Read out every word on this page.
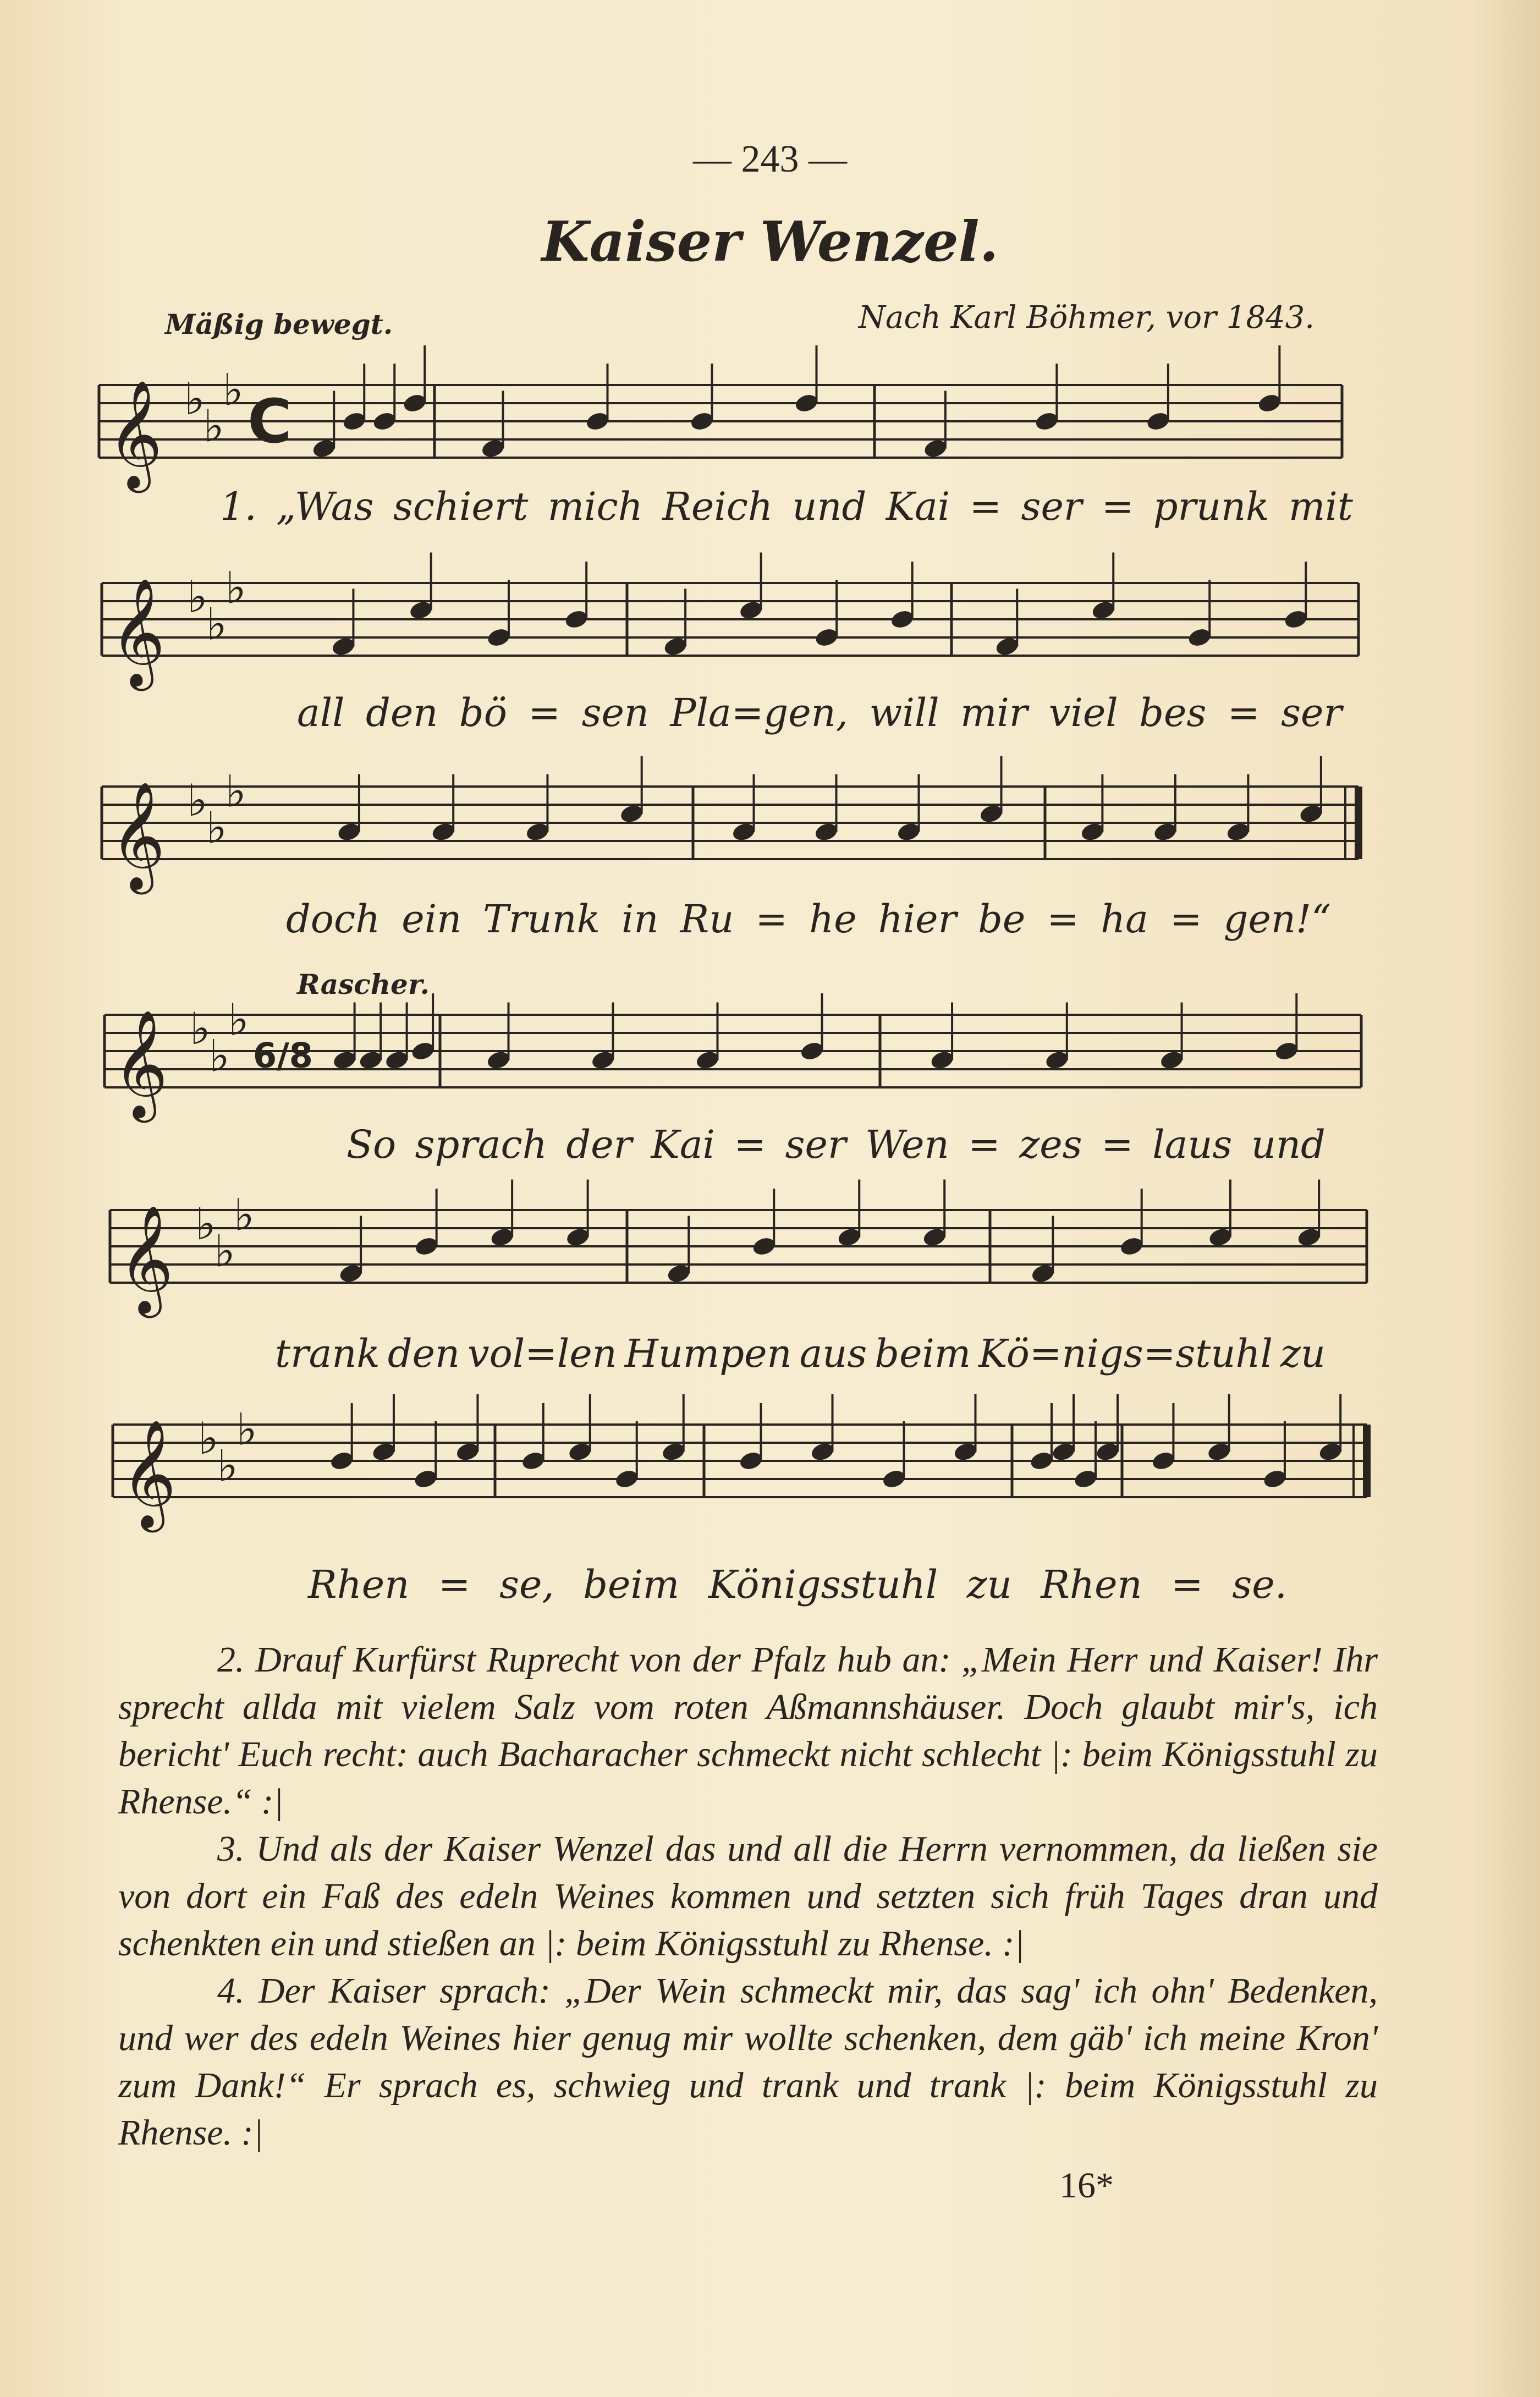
— 243 —
Kaiser Wenzel.
Mäßig bewegt.	Nach Karl Böhmer, vor 1843.
Rascher.
𝄞 ♭
♭
♭ C
𝄞 ♭
♭
♭
𝄞 ♭
♭
♭
𝄞 ♭
♭
♭
6/8
𝄞 ♭
♭
♭
𝄞 ♭
♭
♭
1. „Was schiert mich Reich und Kai = ser = prunk mit
all den bö = sen Pla=gen, will mir viel bes = ser
doch ein Trunk in Ru = he hier be = ha = gen!“
So sprach der Kai = ser Wen = zes = laus und
trank den vol=len Humpen aus beim Kö=nigs=stuhl zu
Rhen = se, beim Königsstuhl zu Rhen = se.

2. Drauf Kurfürst Ruprecht von der Pfalz hub an: „Mein Herr und Kaiser! Ihr sprecht allda mit vielem Salz vom roten Aßmannshäuser. Doch glaubt mir's, ich bericht' Euch recht: auch Bacharacher schmeckt nicht schlecht |: beim Königsstuhl zu Rhense.“ :|

3. Und als der Kaiser Wenzel das und all die Herrn vernommen, da ließen sie von dort ein Faß des edeln Weines kommen und setzten sich früh Tages dran und schenkten ein und stießen an |: beim Königsstuhl zu Rhense. :|

4. Der Kaiser sprach: „Der Wein schmeckt mir, das sag' ich ohn' Bedenken, und wer des edeln Weines hier genug mir wollte schenken, dem gäb' ich meine Kron' zum Dank!“ Er sprach es, schwieg und trank und trank |: beim Königsstuhl zu Rhense. :|

16*
